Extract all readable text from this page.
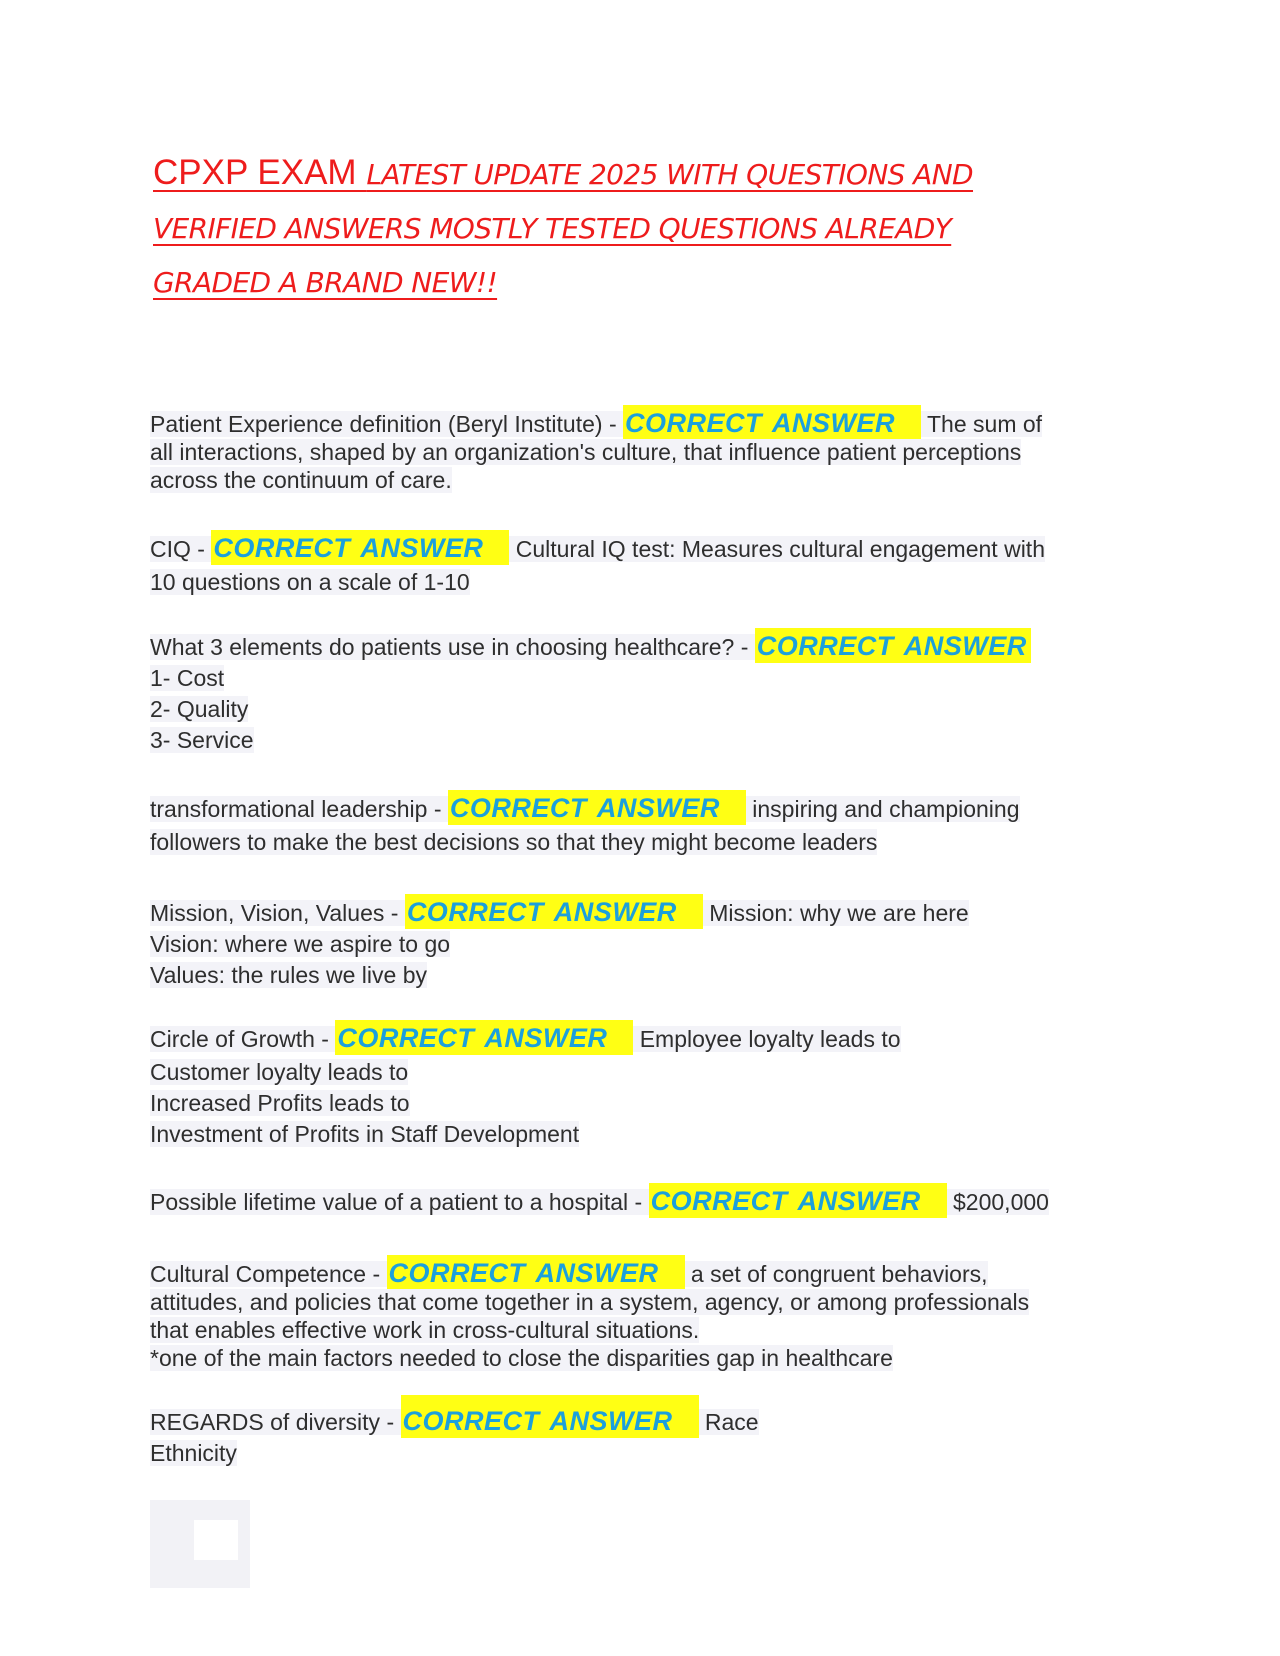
CPXP EXAM LATEST UPDATE 2025 WITH QUESTIONS AND
VERIFIED ANSWERS MOSTLY TESTED QUESTIONS ALREADY
GRADED A BRAND NEW!!
Patient Experience definition (Beryl Institute) - CORRECT ANSWER The sum of
all interactions, shaped by an organization's culture, that influence patient perceptions
across the continuum of care.
CIQ - CORRECT ANSWER Cultural IQ test: Measures cultural engagement with
10 questions on a scale of 1-10
What 3 elements do patients use in choosing healthcare? - CORRECT ANSWER
1- Cost
2- Quality
3- Service
transformational leadership - CORRECT ANSWER inspiring and championing
followers to make the best decisions so that they might become leaders
Mission, Vision, Values - CORRECT ANSWER Mission: why we are here
Vision: where we aspire to go
Values: the rules we live by
Circle of Growth - CORRECT ANSWER Employee loyalty leads to
Customer loyalty leads to
Increased Profits leads to
Investment of Profits in Staff Development
Possible lifetime value of a patient to a hospital - CORRECT ANSWER $200,000
Cultural Competence - CORRECT ANSWER a set of congruent behaviors,
attitudes, and policies that come together in a system, agency, or among professionals
that enables effective work in cross-cultural situations.
*one of the main factors needed to close the disparities gap in healthcare
REGARDS of diversity - CORRECT ANSWER Race
Ethnicity
